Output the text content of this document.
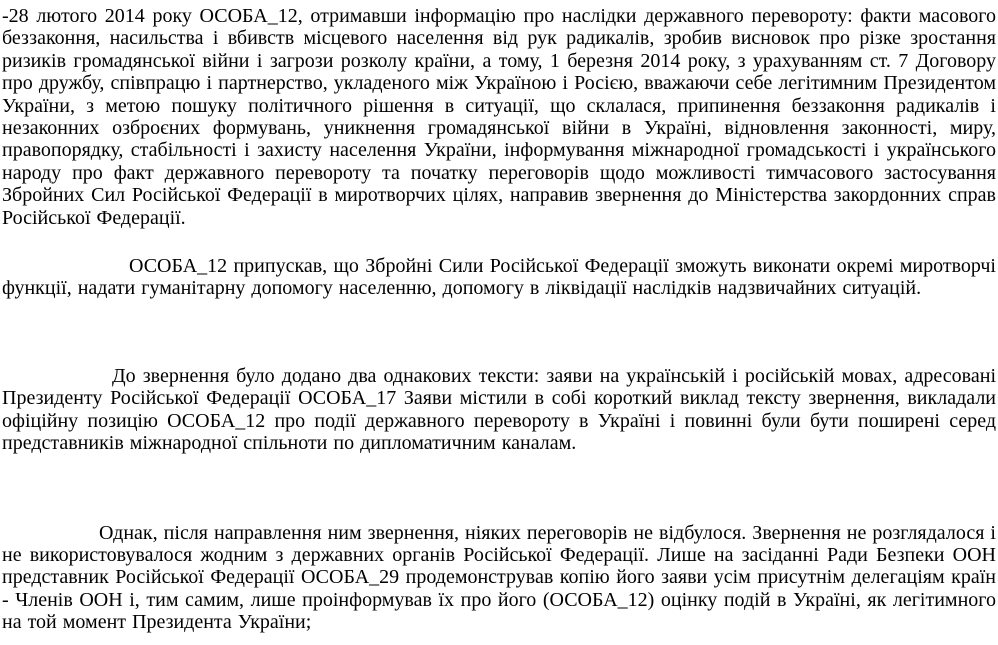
-28 лютого 2014 року ОСОБА_12, отримавши інформацію про наслідки державного перевороту: факти масового беззаконня, насильства і вбивств місцевого населення від рук радикалів, зробив висновок про різке зростання ризиків громадянської війни і загрози розколу країни, а тому, 1 березня 2014 року, з урахуванням ст. 7 Договору про дружбу, співпрацю і партнерство, укладеного між Україною і Росією, вважаючи себе легітимним Президентом України, з метою пошуку політичного рішення в ситуації, що склалася, припинення беззаконня радикалів і незаконних озброєних формувань, уникнення громадянської війни в Україні, відновлення законності, миру, правопорядку, стабільності і захисту населення України, інформування міжнародної громадськості і українського народу про факт державного перевороту та початку переговорів щодо можливості тимчасового застосування Збройних Сил Російської Федерації в миротворчих цілях, направив звернення до Міністерства закордонних справ Російської Федерації.

ОСОБА_12 припускав, що Збройні Сили Російської Федерації зможуть виконати окремі миротворчі функції, надати гуманітарну допомогу населенню, допомогу в ліквідації наслідків надзвичайних ситуацій.

До звернення було додано два однакових тексти: заяви на українській і російській мовах, адресовані Президенту Російської Федерації ОСОБА_17 Заяви містили в собі короткий виклад тексту звернення, викладали офіційну позицію ОСОБА_12 про події державного перевороту в Україні і повинні були бути поширені серед представників міжнародної спільноти по дипломатичним каналам.

Однак, після направлення ним звернення, ніяких переговорів не відбулося. Звернення не розглядалося і не використовувалося жодним з державних органів Російської Федерації. Лише на засіданні Ради Безпеки ООН представник Російської Федерації ОСОБА_29 продемонстрував копію його заяви усім присутнім делегаціям країн - Членів ООН і, тим самим, лише проінформував їх про його (ОСОБА_12) оцінку подій в Україні, як легітимного на той момент Президента України;
